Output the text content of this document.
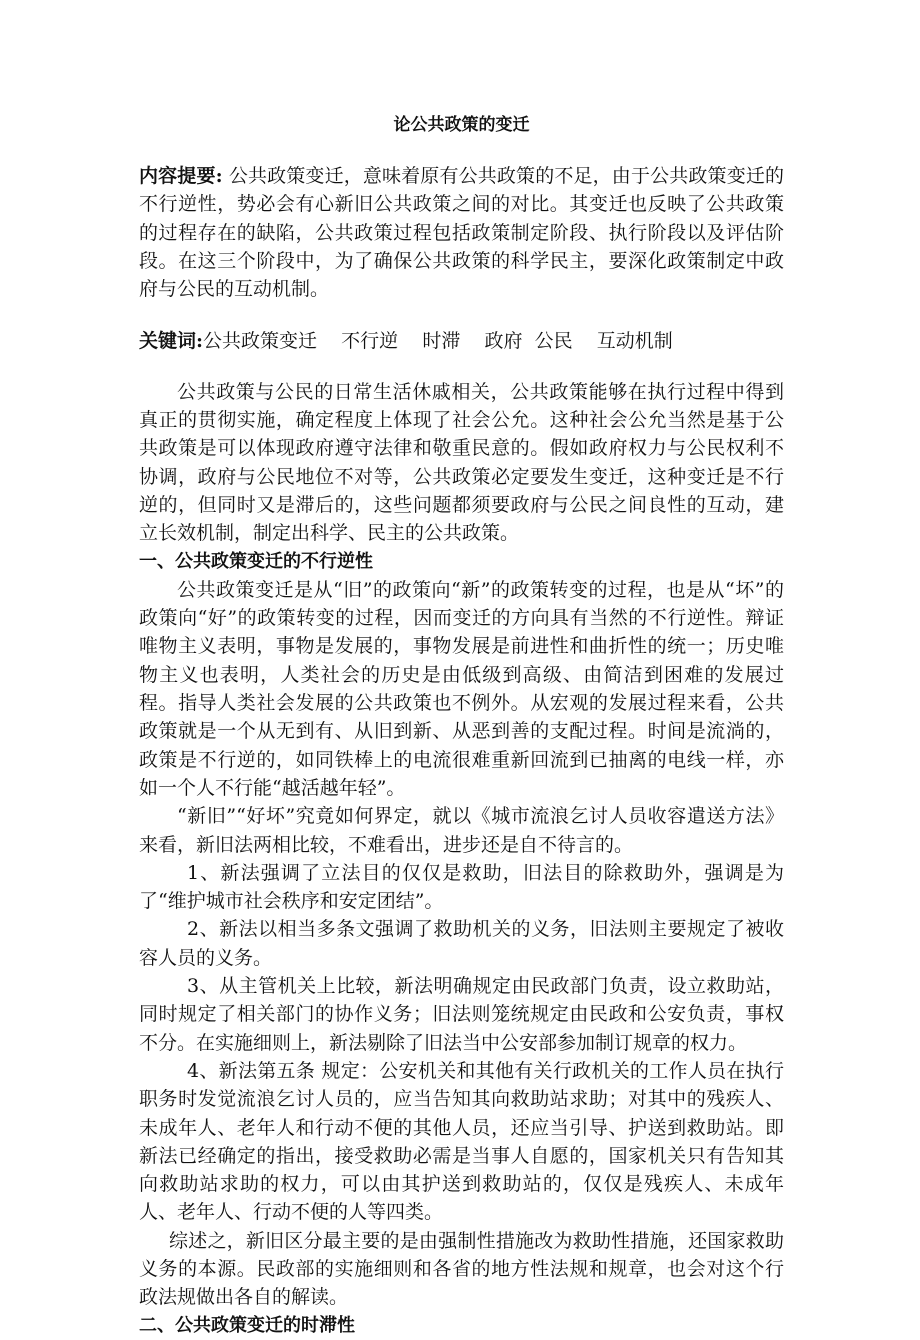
论公共政策的变迁

内容提要: 公共政策变迁，意味着原有公共政策的不足，由于公共政策变迁的不行逆性，势必会有心新旧公共政策之间的对比。其变迁也反映了公共政策的过程存在的缺陷，公共政策过程包括政策制定阶段、执行阶段以及评估阶段。在这三个阶段中，为了确保公共政策的科学民主，要深化政策制定中政府与公民的互动机制。

关键词:公共政策变迁    不行逆    时滞    政府  公民    互动机制

公共政策与公民的日常生活休戚相关，公共政策能够在执行过程中得到真正的贯彻实施，确定程度上体现了社会公允。这种社会公允当然是基于公共政策是可以体现政府遵守法律和敬重民意的。假如政府权力与公民权利不协调，政府与公民地位不对等，公共政策必定要发生变迁，这种变迁是不行逆的，但同时又是滞后的，这些问题都须要政府与公民之间良性的互动，建立长效机制，制定出科学、民主的公共政策。

一、公共政策变迁的不行逆性

公共政策变迁是从“旧”的政策向“新”的政策转变的过程，也是从“坏”的政策向“好”的政策转变的过程，因而变迁的方向具有当然的不行逆性。辩证唯物主义表明，事物是发展的，事物发展是前进性和曲折性的统一；历史唯物主义也表明，人类社会的历史是由低级到高级、由简洁到困难的发展过程。指导人类社会发展的公共政策也不例外。从宏观的发展过程来看，公共政策就是一个从无到有、从旧到新、从恶到善的支配过程。时间是流淌的，政策是不行逆的，如同铁棒上的电流很难重新回流到已抽离的电线一样，亦如一个人不行能“越活越年轻”。

“新旧”“好坏”究竟如何界定，就以《城市流浪乞讨人员收容遣送方法》来看，新旧法两相比较，不难看出，进步还是自不待言的。

1、新法强调了立法目的仅仅是救助，旧法目的除救助外，强调是为了“维护城市社会秩序和安定团结”。

2、新法以相当多条文强调了救助机关的义务，旧法则主要规定了被收容人员的义务。

3、从主管机关上比较，新法明确规定由民政部门负责，设立救助站，同时规定了相关部门的协作义务；旧法则笼统规定由民政和公安负责，事权不分。在实施细则上，新法剔除了旧法当中公安部参加制订规章的权力。

4、新法第五条 规定：公安机关和其他有关行政机关的工作人员在执行职务时发觉流浪乞讨人员的，应当告知其向救助站求助；对其中的残疾人、未成年人、老年人和行动不便的其他人员，还应当引导、护送到救助站。即新法已经确定的指出，接受救助必需是当事人自愿的，国家机关只有告知其向救助站求助的权力，可以由其护送到救助站的，仅仅是残疾人、未成年人、老年人、行动不便的人等四类。

综述之，新旧区分最主要的是由强制性措施改为救助性措施，还国家救助义务的本源。民政部的实施细则和各省的地方性法规和规章，也会对这个行政法规做出各自的解读。

二、公共政策变迁的时滞性
